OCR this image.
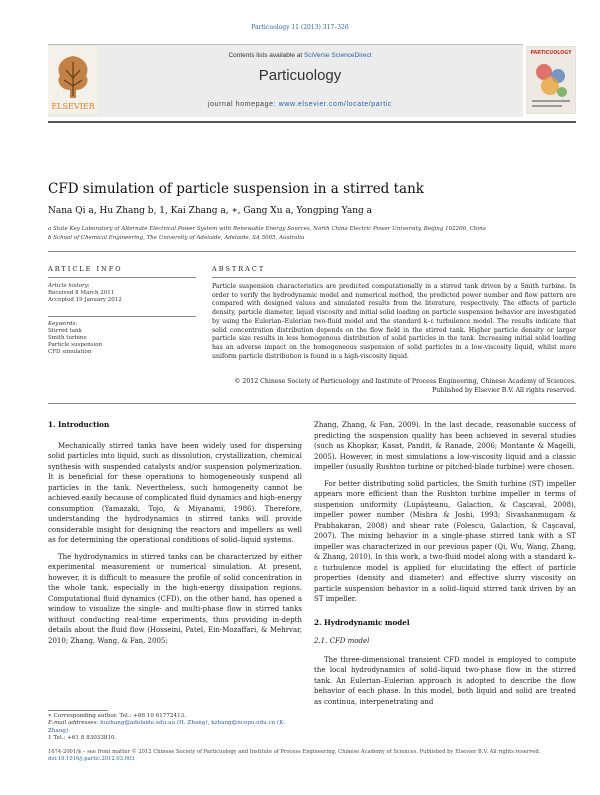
Particuology 11 (2013) 317–326
ELSEVIER
Contents lists available at SciVerse ScienceDirect
Particuology
journal homepage: www.elsevier.com/locate/partic
PARTICUOLOGY
CFD simulation of particle suspension in a stirred tank
Nana Qi a, Hu Zhang b, 1, Kai Zhang a, ∗, Gang Xu a, Yongping Yang a
a State Key Laboratory of Alternate Electrical Power System with Renewable Energy Sources, North China Electric Power University, Beijing 102206, China
b School of Chemical Engineering, The University of Adelaide, Adelaide, SA 5005, Australia
ARTICLE INFO
Article history:
Received 8 March 2011
Accepted 19 January 2012
Keywords:
Stirred tank
Smith turbine
Particle suspension
CFD simulation
ABSTRACT
Particle suspension characteristics are predicted computationally in a stirred tank driven by a Smith turbine. In order to verify the hydrodynamic model and numerical method, the predicted power number and flow pattern are compared with designed values and simulated results from the literature, respectively. The effects of particle density, particle diameter, liquid viscosity and initial solid loading on particle suspension behavior are investigated by using the Eulerian–Eulerian two-fluid model and the standard k–ε turbulence model. The results indicate that solid concentration distribution depends on the flow field in the stirred tank. Higher particle density or larger particle size results in less homogenous distribution of solid particles in the tank. Increasing initial solid loading has an adverse impact on the homogeneous suspension of solid particles in a low-viscosity liquid, whilst more uniform particle distribution is found in a high-viscosity liquid.
© 2012 Chinese Society of Particuology and Institute of Process Engineering, Chinese Academy of Sciences. Published by Elsevier B.V. All rights reserved.
1. Introduction

Mechanically stirred tanks have been widely used for dispersing solid particles into liquid, such as dissolution, crystallization, chemical synthesis with suspended catalysts and/or suspension polymerization. It is beneficial for these operations to homogeneously suspend all particles in the tank. Nevertheless, such homogeneity cannot be achieved easily because of complicated fluid dynamics and high-energy consumption (Yamazaki, Tojo, & Miyanami, 1986). Therefore, understanding the hydrodynamics in stirred tanks will provide considerable insight for designing the reactors and impellers as well as for determining the operational conditions of solid–liquid systems.

The hydrodynamics in stirred tanks can be characterized by either experimental measurement or numerical simulation. At present, however, it is difficult to measure the profile of solid concentration in the whole tank, especially in the high-energy dissipation regions. Computational fluid dynamics (CFD), on the other hand, has opened a window to visualize the single- and multi-phase flow in stirred tanks without conducting real-time experiments, thus providing in-depth details about the fluid flow (Hosseini, Patel, Ein-Mozaffari, & Mehrvar, 2010; Zhang, Wang, & Fan, 2005;

∗ Corresponding author. Tel.: +86 10 61772413.
E-mail addresses: huzhang@adelaide.edu.au (H. Zhang), kzhang@ncepu.edu.cn (K. Zhang).
1 Tel.: +61 8 83033810.

Zhang, Zhang, & Fan, 2009). In the last decade, reasonable success of predicting the suspension quality has been achieved in several studies (such as Khopkar, Kasat, Pandit, & Ranade, 2006; Montante & Magelli, 2005). However, in most simulations a low-viscosity liquid and a classic impeller (usually Rushton turbine or pitched-blade turbine) were chosen.

For better distributing solid particles, the Smith turbine (ST) impeller appears more efficient than the Rushton turbine impeller in terms of suspension uniformity (Lupăşteanu, Galaction, & Caşcaval, 2008), impeller power number (Mishra & Joshi, 1993; Sivashanmugam & Prabhakaran, 2008) and shear rate (Folescu, Galaction, & Caşcaval, 2007). The mixing behavior in a single-phase stirred tank with a ST impeller was characterized in our previous paper (Qi, Wu, Wang, Zhang, & Zhang, 2010). In this work, a two-fluid model along with a standard k–ε turbulence model is applied for elucidating the effect of particle properties (density and diameter) and effective slurry viscosity on particle suspension behavior in a solid–liquid stirred tank driven by an ST impeller.

2. Hydrodynamic model
2.1. CFD model

The three-dimensional transient CFD model is employed to compute the local hydrodynamics of solid–liquid two-phase flow in the stirred tank. An Eulerian–Eulerian approach is adopted to describe the flow behavior of each phase. In this model, both liquid and solid are treated as continua, interpenetrating and

1674-2001/$ – see front matter © 2012 Chinese Society of Particuology and Institute of Process Engineering, Chinese Academy of Sciences. Published by Elsevier B.V. All rights reserved.
doi:10.1016/j.partic.2012.03.003
